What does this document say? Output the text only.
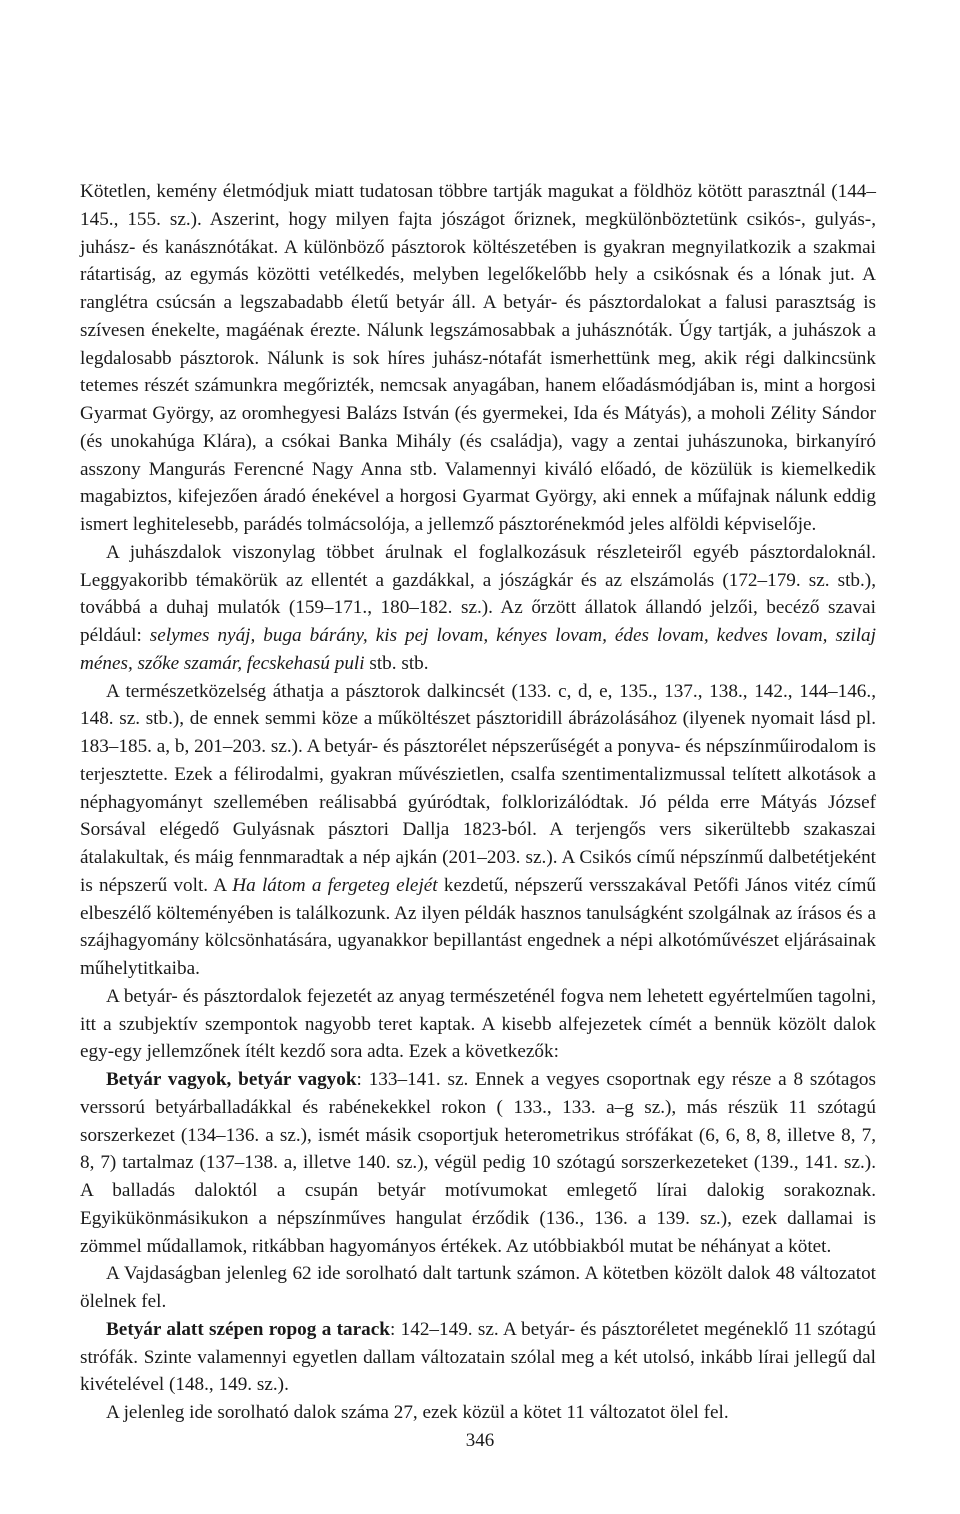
Kötetlen, kemény életmódjuk miatt tudatosan többre tartják magukat a földhöz kötött parasztnál (144–145., 155. sz.). Aszerint, hogy milyen fajta jószágot őriznek, megkülönböztetünk csikós-, gulyás-, juhász- és kanásznótákat. A különböző pásztorok költészetében is gyakran megnyilatkozik a szakmai rátartiság, az egymás közötti vetélkedés, melyben legelőkelőbb hely a csikósnak és a lónak jut. A ranglétra csúcsán a legszabadabb életű betyár áll. A betyár- és pásztordalokat a falusi parasztság is szívesen énekelte, magáénak érezte. Nálunk legszámosabbak a juhásznóták. Úgy tartják, a juhászok a legdalosabb pásztorok. Nálunk is sok híres juhász-nótafát ismerhettünk meg, akik régi dalkincsünk tetemes részét számunkra megőrizték, nemcsak anyagában, hanem előadásmódjában is, mint a horgosi Gyarmat György, az oromhegyesi Balázs István (és gyermekei, Ida és Mátyás), a moholi Zélity Sándor (és unokahúga Klára), a csókai Banka Mihály (és családja), vagy a zentai juhászunoka, birkanyíró asszony Mangurás Ferencné Nagy Anna stb. Valamennyi kiváló előadó, de közülük is kiemelkedik magabiztos, kifejezően áradó énekével a horgosi Gyarmat György, aki ennek a műfajnak nálunk eddig ismert leghitelesebb, parádés tolmácsolója, a jellemző pásztorénekmód jeles alföldi képviselője.

A juhászdalok viszonylag többet árulnak el foglalkozásuk részleteiről egyéb pásztordaloknál. Leggyakoribb témakörük az ellentét a gazdákkal, a jószágkár és az elszámolás (172–179. sz. stb.), továbbá a duhaj mulatók (159–171., 180–182. sz.). Az őrzött állatok állandó jelzői, becéző szavai például: selymes nyáj, buga bárány, kis pej lovam, kényes lovam, édes lovam, kedves lovam, szilaj ménes, szőke szamár, fecskehasú puli stb. stb.

A természetközelség áthatja a pásztorok dalkincsét (133. c, d, e, 135., 137., 138., 142., 144–146., 148. sz. stb.), de ennek semmi köze a műköltészet pásztoridill ábrázolásához (ilyenek nyomait lásd pl. 183–185. a, b, 201–203. sz.). A betyár- és pásztorélet népszerűségét a ponyva- és népszínműirodalom is terjesztette. Ezek a félirodalmi, gyakran művészietlen, csalfa szentimentalizmussal telített alkotások a néphagyományt szellemében reálisabbá gyúródtak, folklorizálódtak. Jó példa erre Mátyás József Sorsával elégedő Gulyásnak pásztori Dallja 1823-ból. A terjengős vers sikerültebb szakaszai átalakultak, és máig fennmaradtak a nép ajkán (201–203. sz.). A Csikós című népszínmű dalbetétjeként is népszerű volt. A Ha látom a fergeteg elejét kezdetű, népszerű versszakával Petőfi János vitéz című elbeszélő költeményében is találkozunk. Az ilyen példák hasznos tanulságként szolgálnak az írásos és a szájhagyomány kölcsönhatására, ugyanakkor bepillantást engednek a népi alkotóművészet eljárásainak műhelytitkaiba.

A betyár- és pásztordalok fejezetét az anyag természeténél fogva nem lehetett egyértelműen tagolni, itt a szubjektív szempontok nagyobb teret kaptak. A kisebb alfejezetek címét a bennük közölt dalok egy-egy jellemzőnek ítélt kezdő sora adta. Ezek a következők:

Betyár vagyok, betyár vagyok: 133–141. sz. Ennek a vegyes csoportnak egy része a 8 szótagos verssorú betyárballadákkal és rabénekekkel rokon ( 133., 133. a–g sz.), más részük 11 szótagú sorszerkezet (134–136. a sz.), ismét másik csoportjuk heterometrikus strófákat (6, 6, 8, 8, illetve 8, 7, 8, 7) tartalmaz (137–138. a, illetve 140. sz.), végül pedig 10 szótagú sorszerkezeteket (139., 141. sz.). A balladás daloktól a csupán betyár motívumokat emlegető lírai dalokig sorakoznak. Egyikükönmásikukon a népszínműves hangulat érződik (136., 136. a 139. sz.), ezek dallamai is zömmel műdallamok, ritkábban hagyományos értékek. Az utóbbiakból mutat be néhányat a kötet.

A Vajdaságban jelenleg 62 ide sorolható dalt tartunk számon. A kötetben közölt dalok 48 változatot ölelnek fel.

Betyár alatt szépen ropog a tarack: 142–149. sz. A betyár- és pásztoréletet megéneklő 11 szótagú strófák. Szinte valamennyi egyetlen dallam változatain szólal meg a két utolsó, inkább lírai jellegű dal kivételével (148., 149. sz.).

A jelenleg ide sorolható dalok száma 27, ezek közül a kötet 11 változatot ölel fel.

346
